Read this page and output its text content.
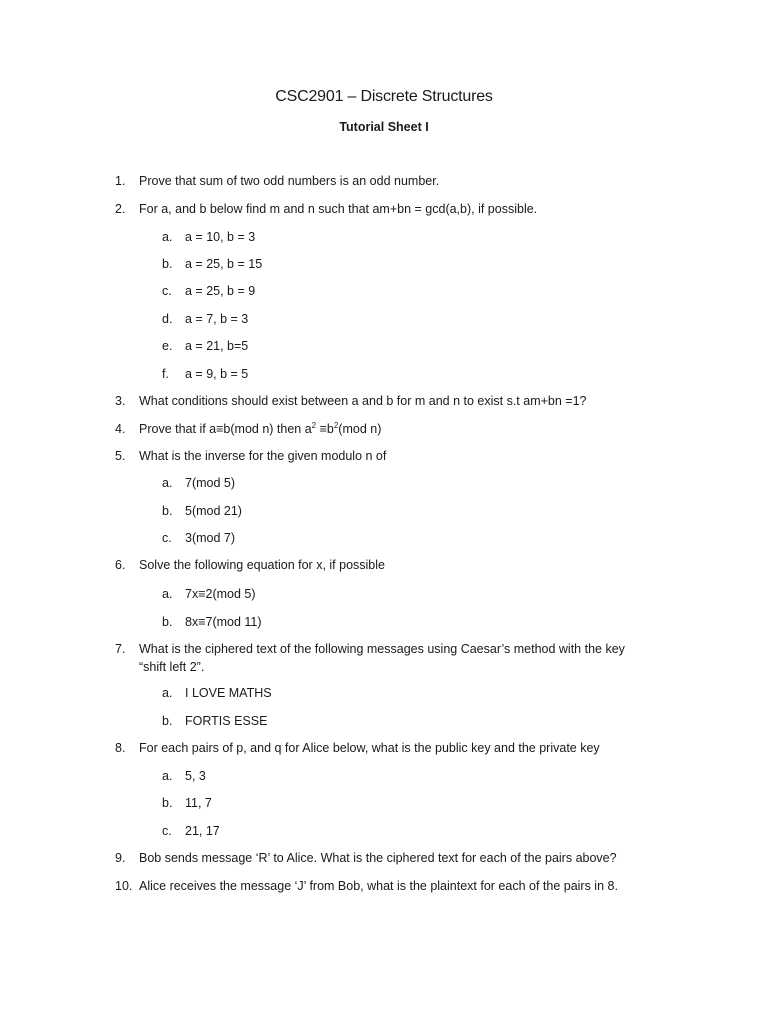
CSC2901 – Discrete Structures
Tutorial Sheet I
1. Prove that sum of two odd numbers is an odd number.
2. For a, and b below find m and n such that am+bn = gcd(a,b), if possible.
a. a = 10, b = 3
b. a = 25, b = 15
c. a = 25, b = 9
d. a = 7, b = 3
e. a = 21, b=5
f. a = 9, b = 5
3. What conditions should exist between a and b for m and n to exist s.t am+bn =1?
4. Prove that if a≡b(mod n) then $a^2 \equiv b^2(mod$ n)
5. What is the inverse for the given modulo n of
a. 7(mod 5)
b. 5(mod 21)
c. 3(mod 7)
6. Solve the following equation for x, if possible
a. 7x≡2(mod 5)
b. 8x≡7(mod 11)
7. What is the ciphered text of the following messages using Caesar’s method with the key
“shift left 2”.
a. I LOVE MATHS
b. FORTIS ESSE
8. For each pairs of p, and q for Alice below, what is the public key and the private key
a. 5, 3
b. 11, 7
c. 21, 17
9. Bob sends message ‘R’ to Alice. What is the ciphered text for each of the pairs above?
10. Alice receives the message ‘J’ from Bob, what is the plaintext for each of the pairs in 8.
